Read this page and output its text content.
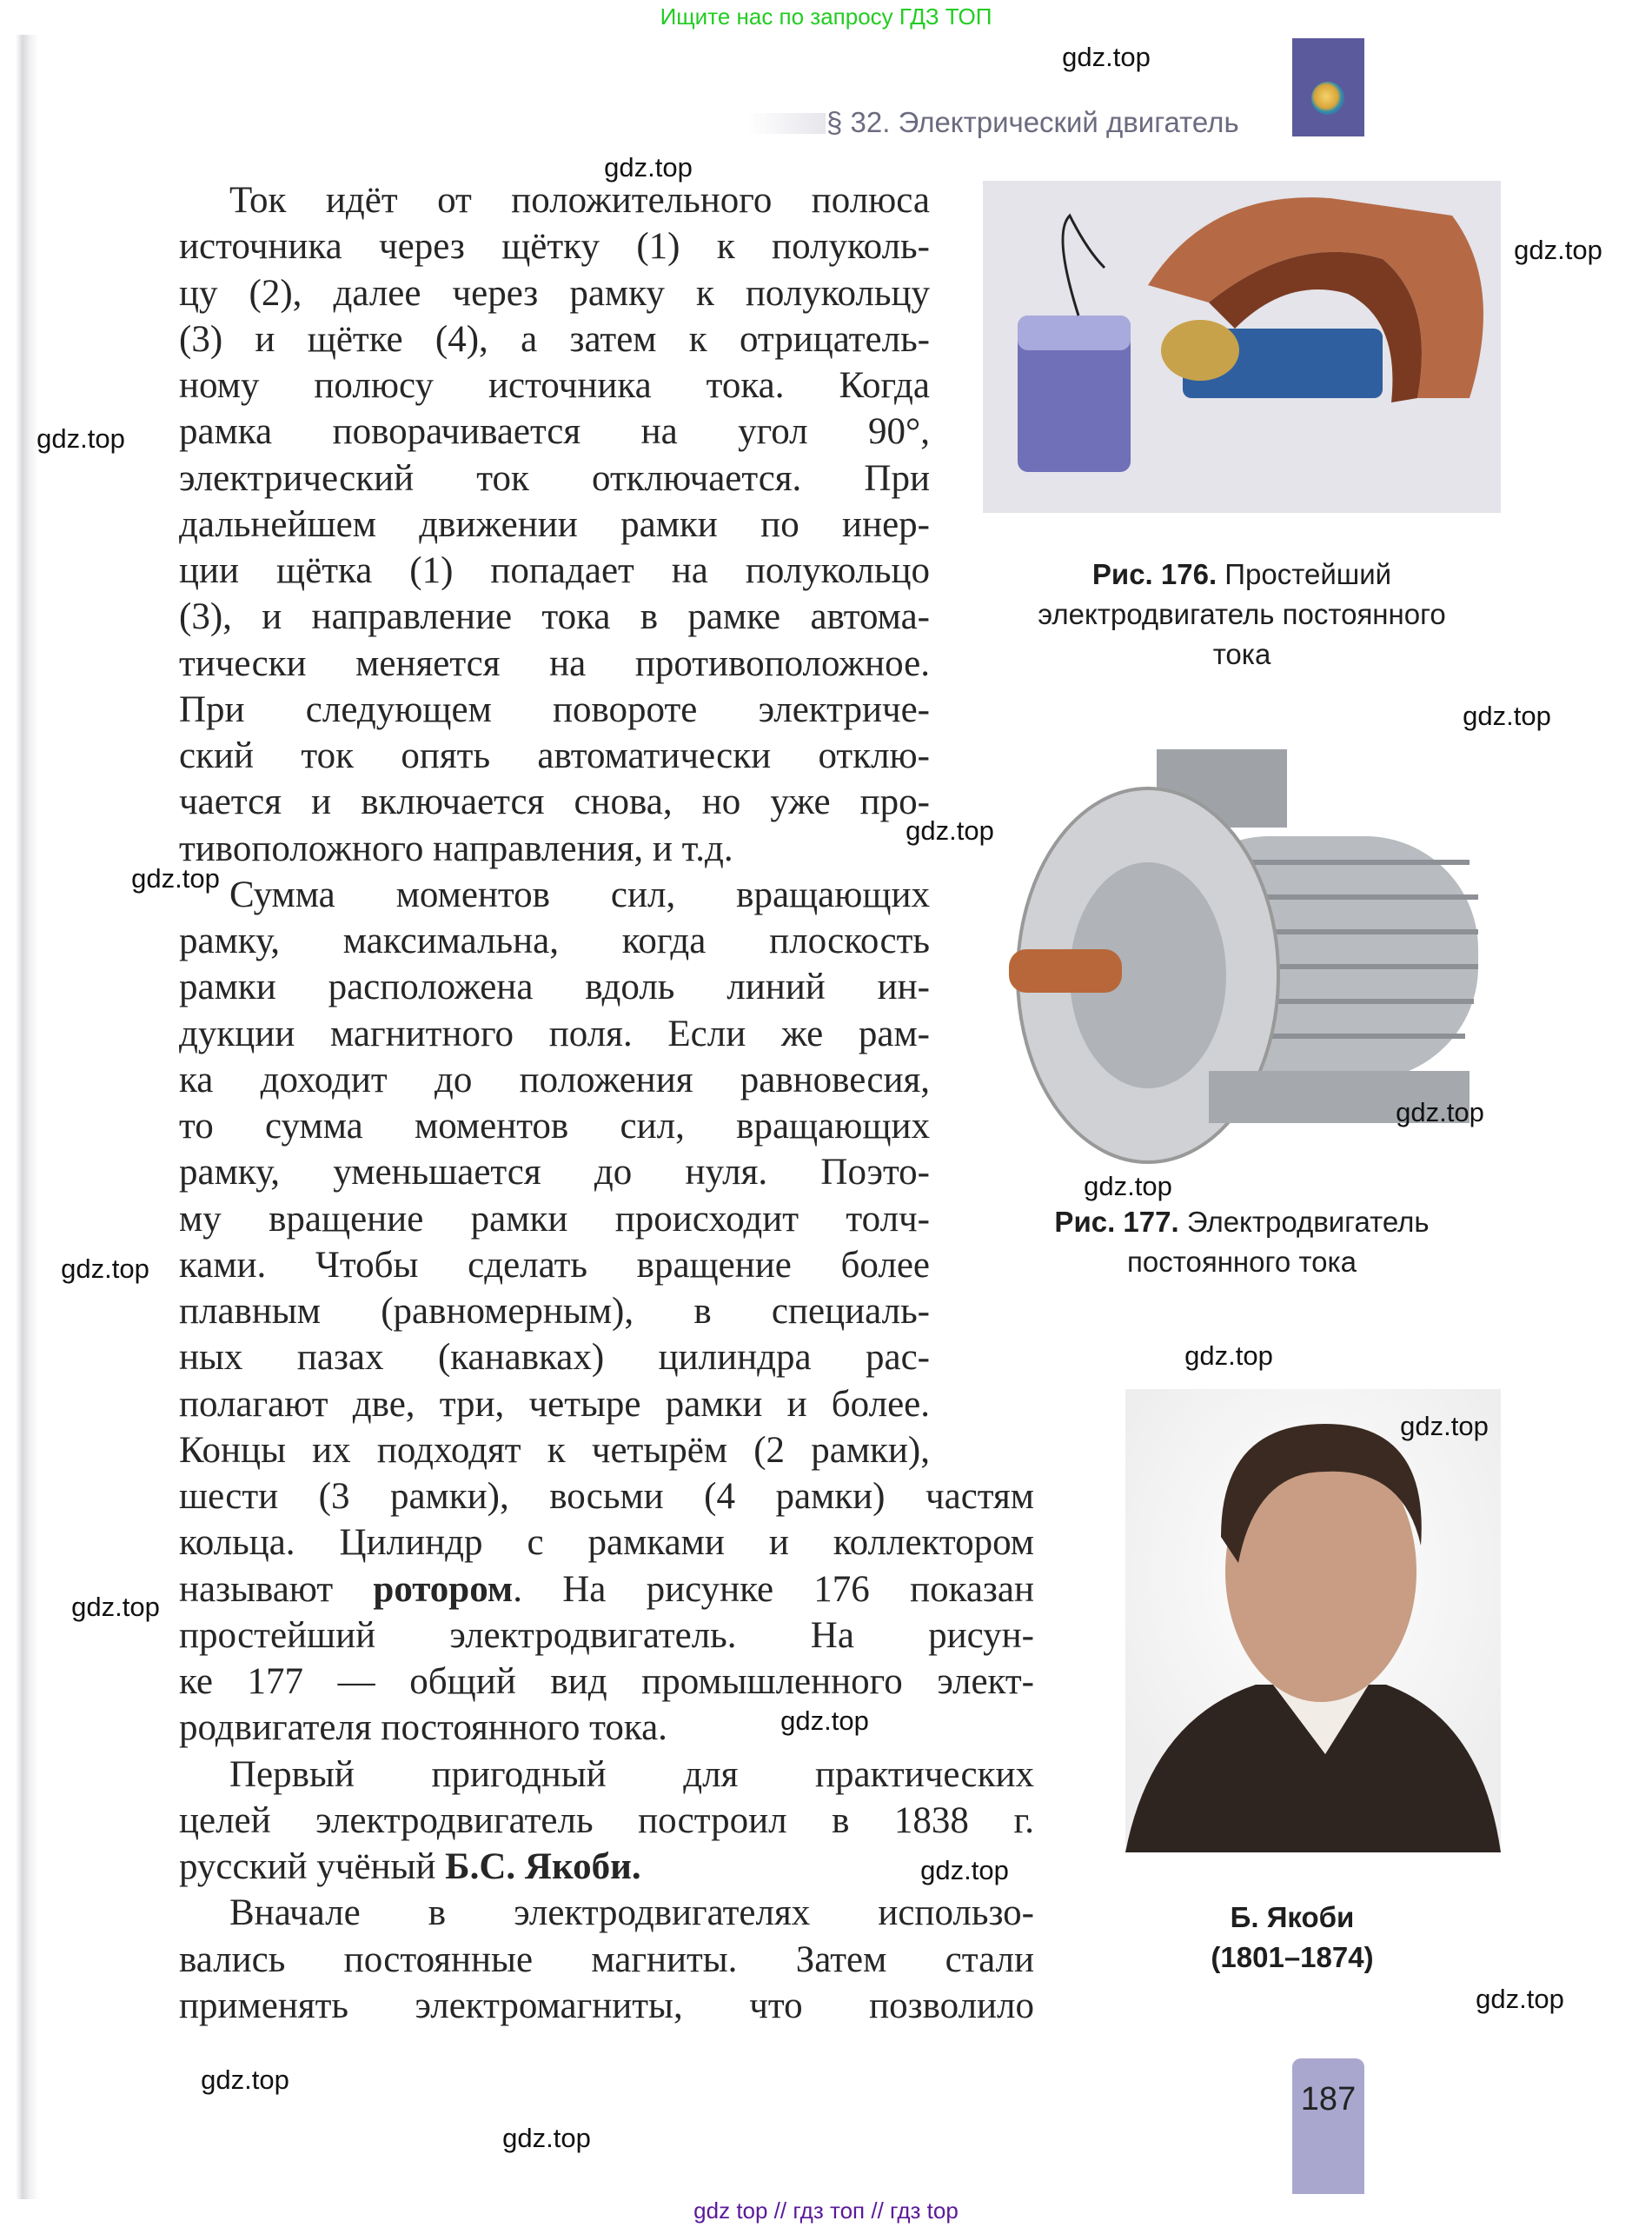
Ищите нас по запросу ГДЗ ТОП
§ 32. Электрический двигатель
Ток идёт от положительного полюса
источника через щётку (1) к полуколь-
цу (2), далее через рамку к полукольцу
(3) и щётке (4), а затем к отрицатель-
ному полюсу источника тока. Когда
рамка поворачивается на угол 90°,
электрический ток отключается. При
дальнейшем движении рамки по инер-
ции щётка (1) попадает на полукольцо
(3), и направление тока в рамке автома-
тически меняется на противоположное.
При следующем повороте электриче-
ский ток опять автоматически отклю-
чается и включается снова, но уже про-
тивоположного направления, и т.д.
Сумма моментов сил, вращающих
рамку, максимальна, когда плоскость
рамки расположена вдоль линий ин-
дукции магнитного поля. Если же рам-
ка доходит до положения равновесия,
то сумма моментов сил, вращающих
рамку, уменьшается до нуля. Поэто-
му вращение рамки происходит толч-
ками. Чтобы сделать вращение более
плавным (равномерным), в специаль-
ных пазах (канавках) цилиндра рас-
полагают две, три, четыре рамки и более.
Концы их подходят к четырём (2 рамки),
шести (3 рамки), восьми (4 рамки) частям
кольца. Цилиндр с рамками и коллектором
называют ротором. На рисунке 176 показан
простейший электродвигатель. На рисун-
ке 177 — общий вид промышленного элект-
родвигателя постоянного тока.
Первый пригодный для практических
целей электродвигатель построил в 1838 г.
русский учёный Б.С. Якоби.
Вначале в электродвигателях использо-
вались постоянные магниты. Затем стали
применять электромагниты, что позволило
Рис. 176. Простейший
электродвигатель постоянного
тока
Рис. 177. Электродвигатель
постоянного тока
Б. Якоби
(1801–1874)
187
gdz top // гдз топ // гдз top
gdz.top
gdz.top
gdz.top
gdz.top
gdz.top
gdz.top
gdz.top
gdz.top
gdz.top
gdz.top
gdz.top
gdz.top
gdz.top
gdz.top
gdz.top
gdz.top
gdz.top
gdz.top
